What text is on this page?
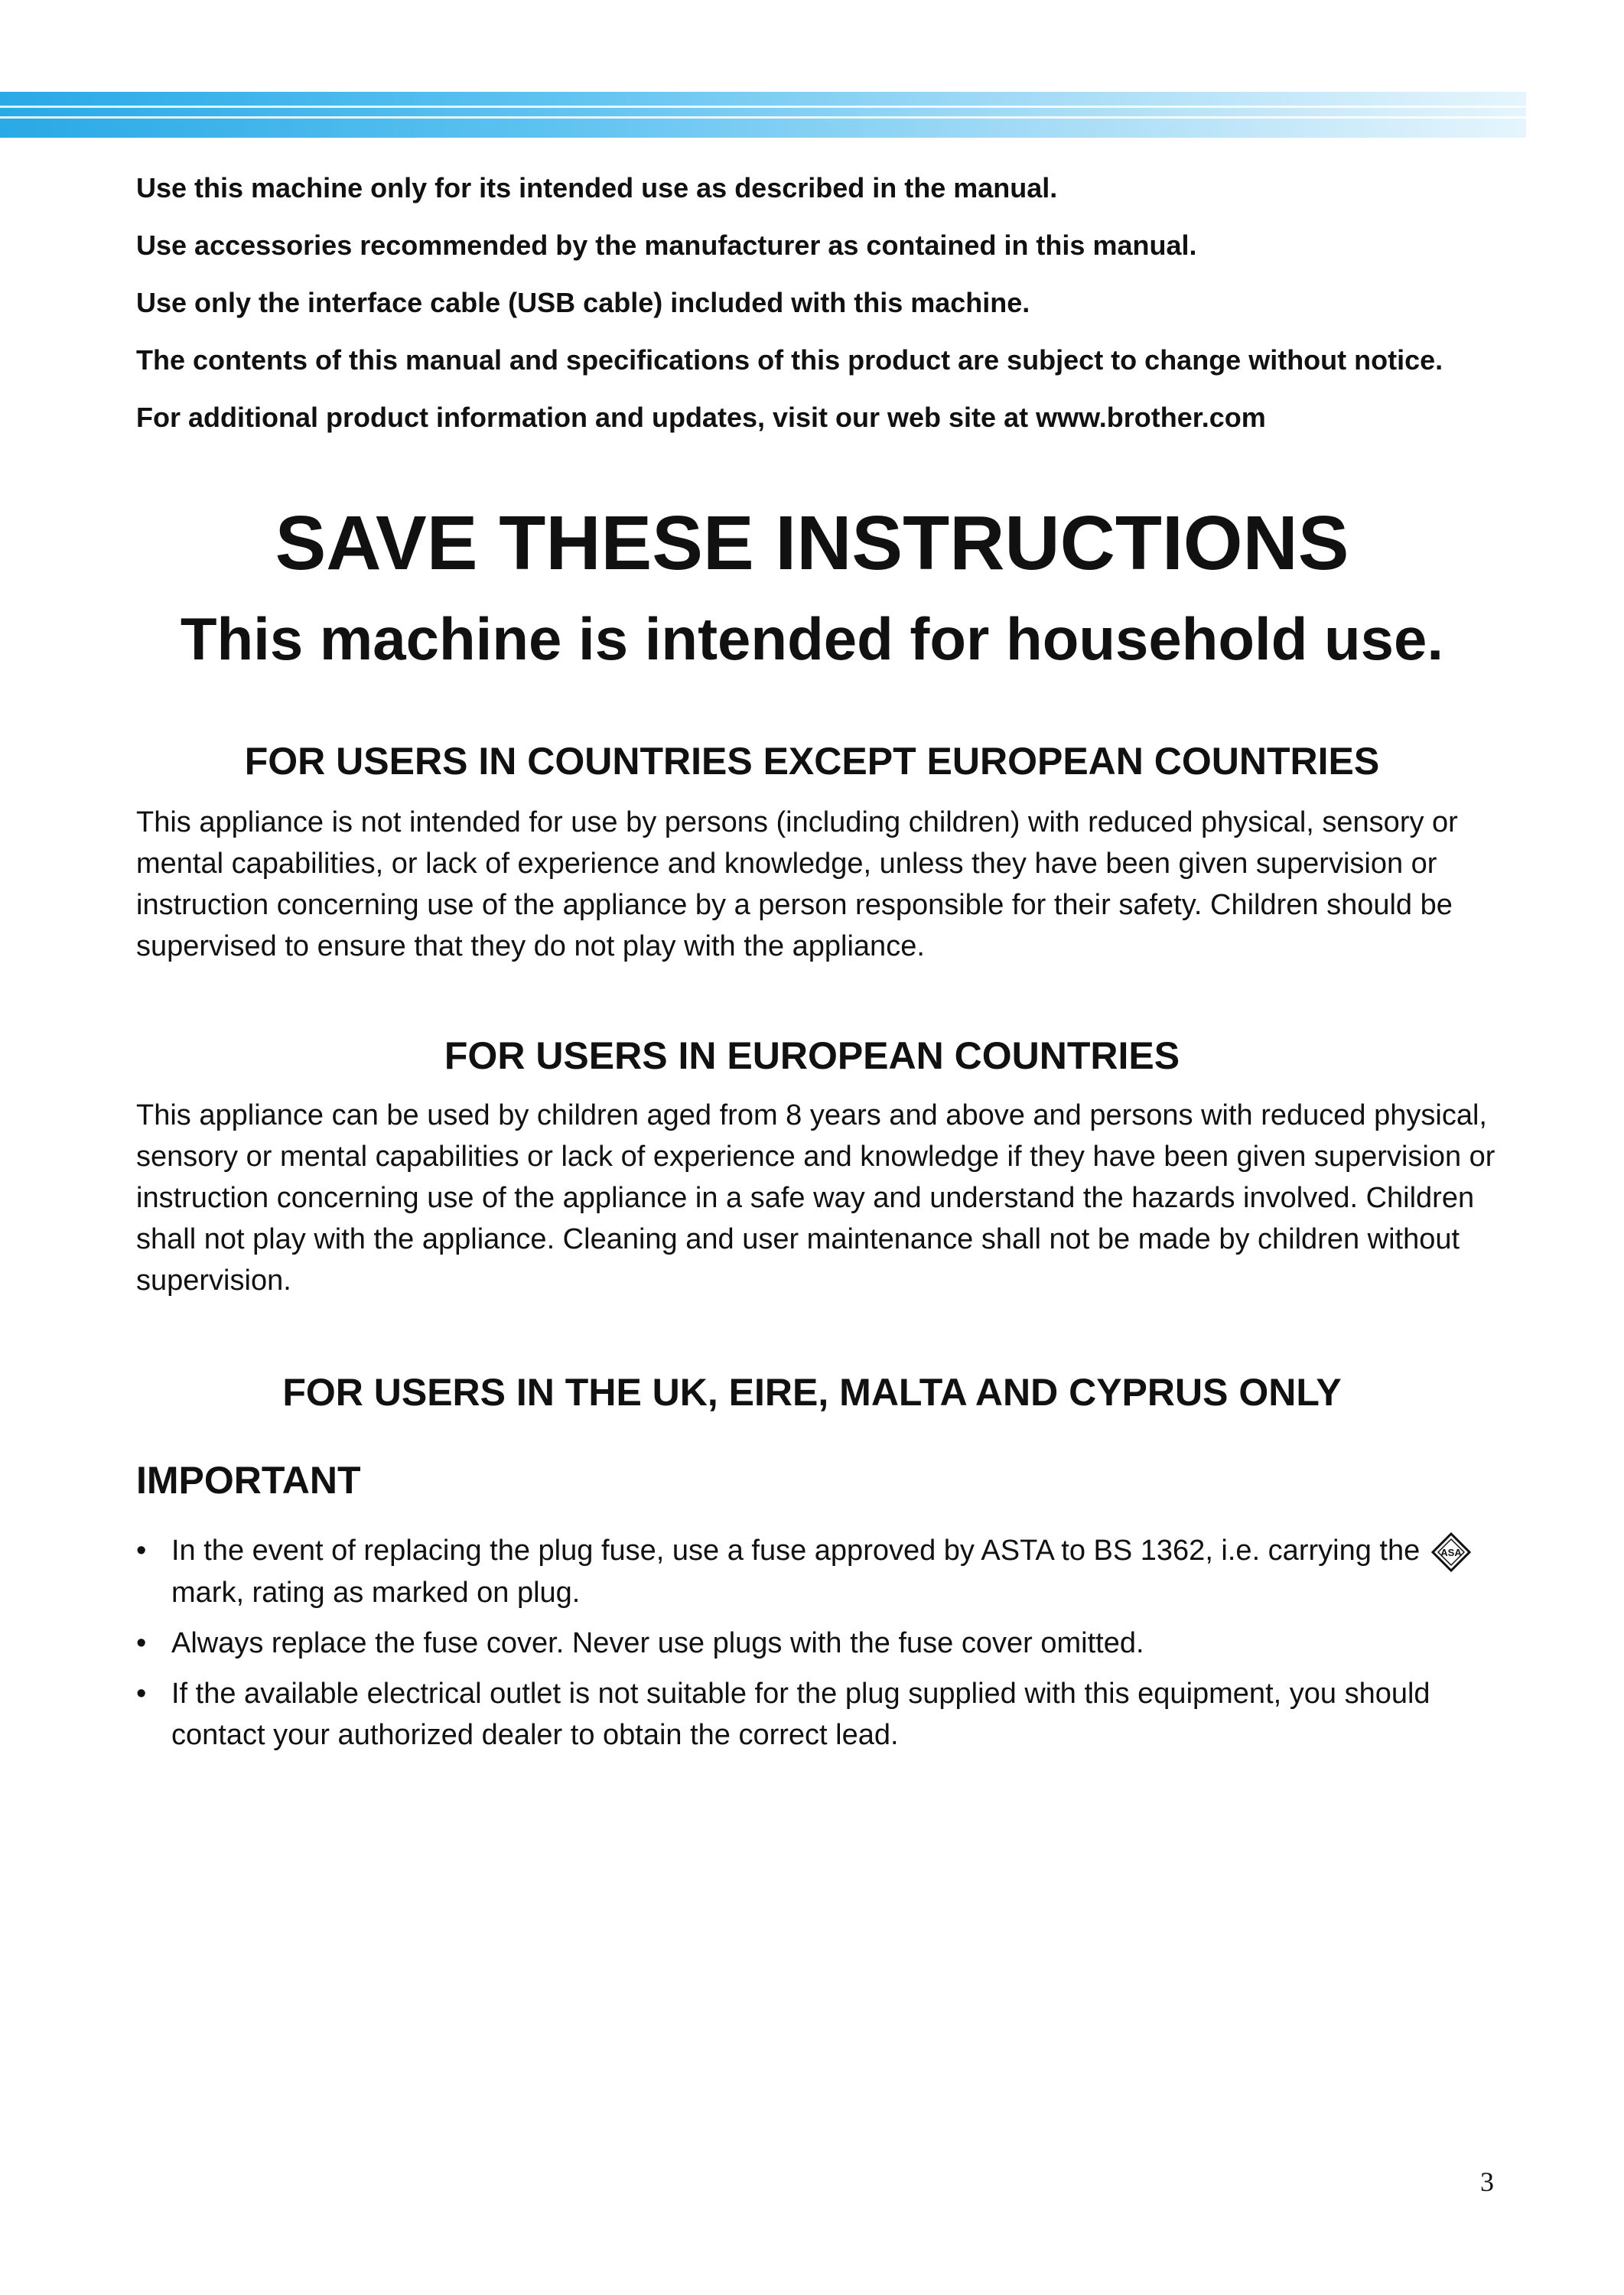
Use this machine only for its intended use as described in the manual.

Use accessories recommended by the manufacturer as contained in this manual.

Use only the interface cable (USB cable) included with this machine.

The contents of this manual and specifications of this product are subject to change without notice.

For additional product information and updates, visit our web site at www.brother.com

SAVE THESE INSTRUCTIONS
This machine is intended for household use.
FOR USERS IN COUNTRIES EXCEPT EUROPEAN COUNTRIES

This appliance is not intended for use by persons (including children) with reduced physical, sensory or mental capabilities, or lack of experience and knowledge, unless they have been given supervision or instruction concerning use of the appliance by a person responsible for their safety. Children should be supervised to ensure that they do not play with the appliance.

FOR USERS IN EUROPEAN COUNTRIES

This appliance can be used by children aged from 8 years and above and persons with reduced physical, sensory or mental capabilities or lack of experience and knowledge if they have been given supervision or instruction concerning use of the appliance in a safe way and understand the hazards involved. Children shall not play with the appliance. Cleaning and user maintenance shall not be made by children without supervision.

FOR USERS IN THE UK, EIRE, MALTA AND CYPRUS ONLY
IMPORTANT
• In the event of replacing the plug fuse, use a fuse approved by ASTA to BS 1362, i.e. carrying the ASA
mark, rating as marked on plug.
• Always replace the fuse cover. Never use plugs with the fuse cover omitted.
• If the available electrical outlet is not suitable for the plug supplied with this equipment, you should contact your authorized dealer to obtain the correct lead.
3
